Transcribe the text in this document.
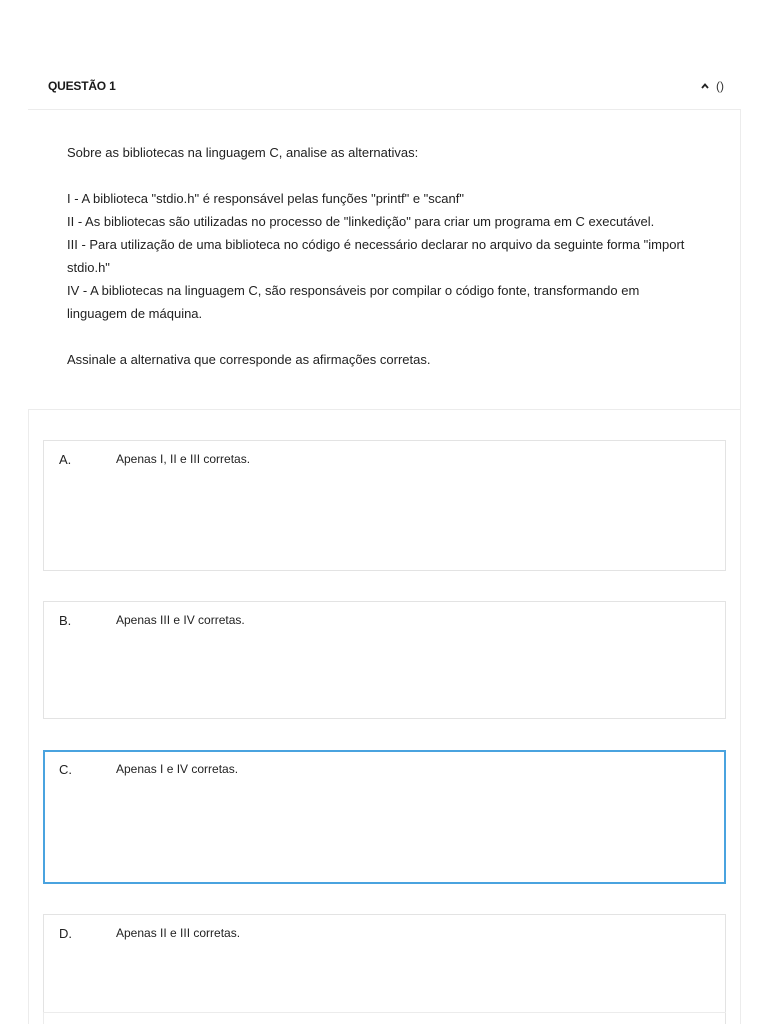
QUESTÃO 1	()

Sobre as bibliotecas na linguagem C, analise as alternativas:

I - A biblioteca "stdio.h" é responsável pelas funções "printf" e "scanf"

II - As bibliotecas são utilizadas no processo de "linkedição" para criar um programa em C executável.

III - Para utilização de uma biblioteca no código é necessário declarar no arquivo da seguinte forma "import stdio.h"

IV - A bibliotecas na linguagem C, são responsáveis por compilar o código fonte, transformando em linguagem de máquina.

Assinale a alternativa que corresponde as afirmações corretas.

A.	Apenas I, II e III corretas.
B.	Apenas III e IV corretas.
C.	Apenas I e IV corretas.
D.	Apenas II e III corretas.
